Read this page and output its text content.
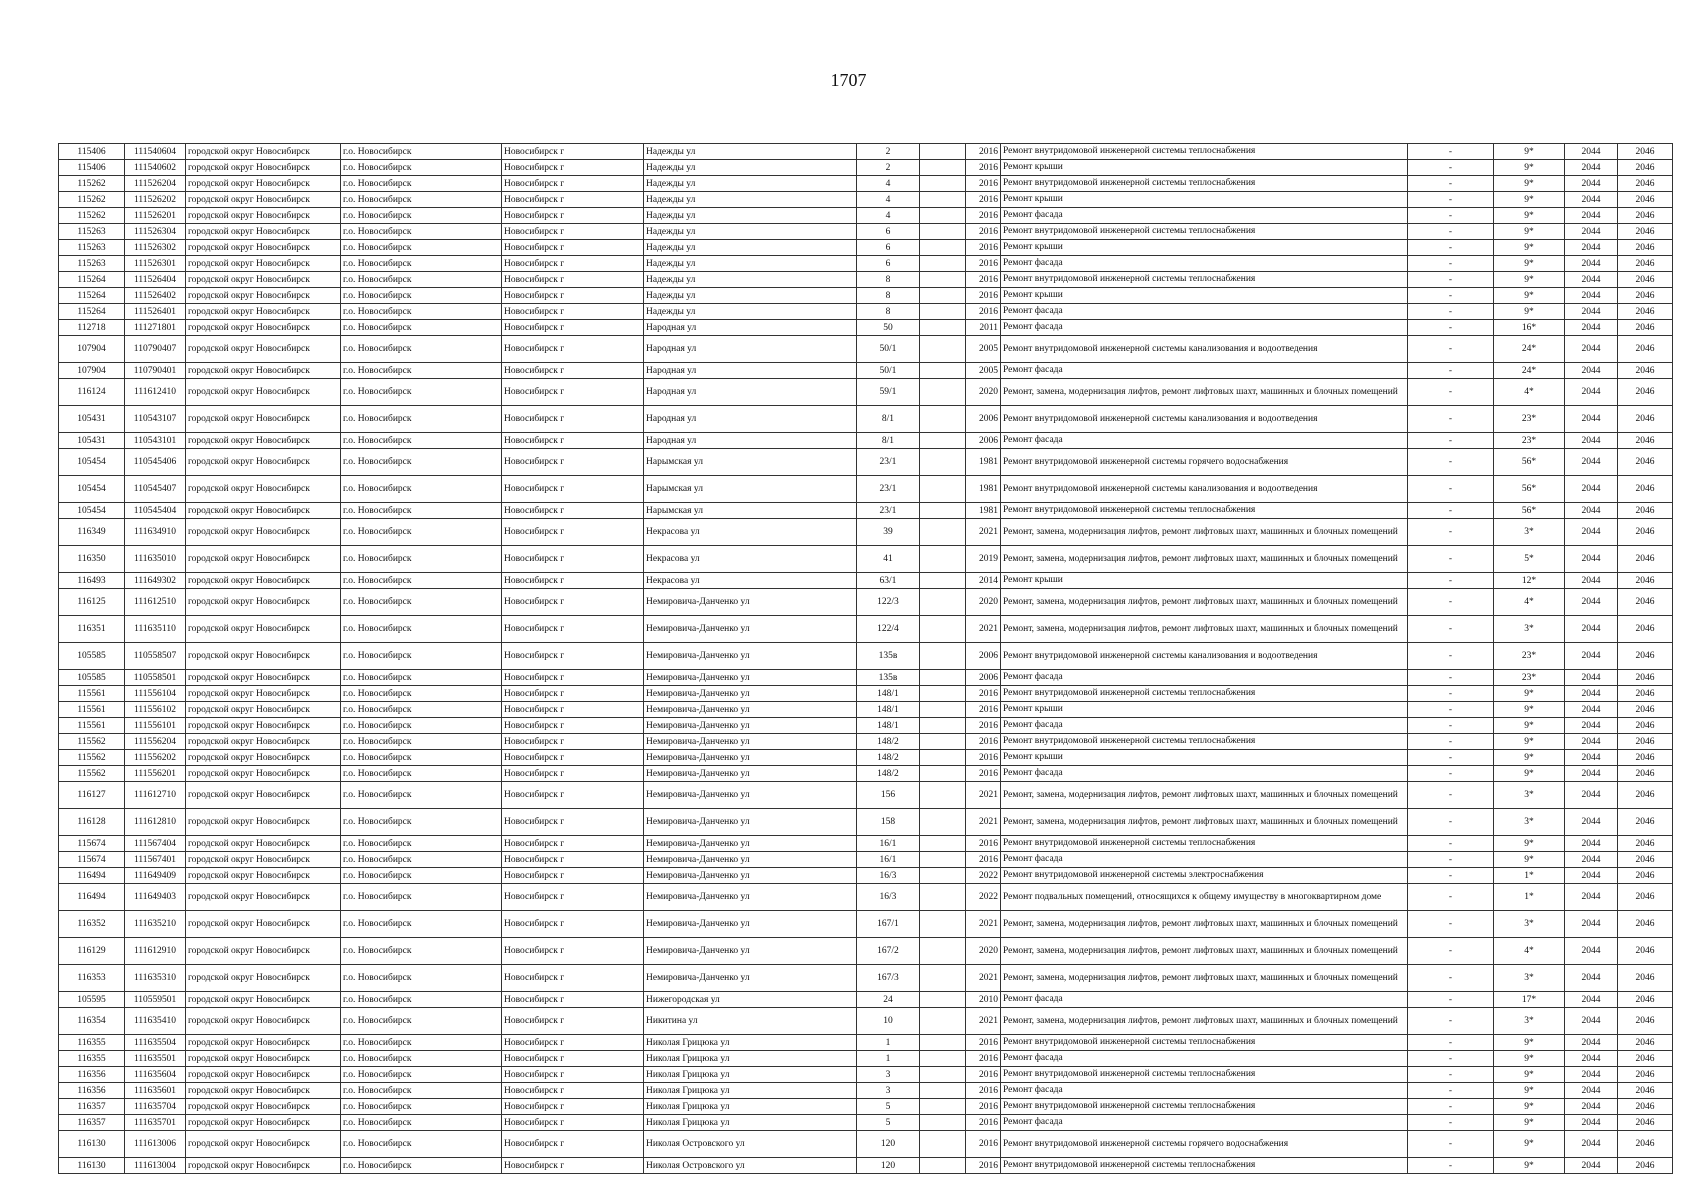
1707
115406	111540604	городской округ Новосибирск	г.о. Новосибирск	Новосибирск г	Надежды ул	2		2016	Ремонт внутридомовой инженерной системы теплоснабжения	-	9*	2044	2046
115406	111540602	городской округ Новосибирск	г.о. Новосибирск	Новосибирск г	Надежды ул	2		2016	Ремонт крыши	-	9*	2044	2046
115262	111526204	городской округ Новосибирск	г.о. Новосибирск	Новосибирск г	Надежды ул	4		2016	Ремонт внутридомовой инженерной системы теплоснабжения	-	9*	2044	2046
115262	111526202	городской округ Новосибирск	г.о. Новосибирск	Новосибирск г	Надежды ул	4		2016	Ремонт крыши	-	9*	2044	2046
115262	111526201	городской округ Новосибирск	г.о. Новосибирск	Новосибирск г	Надежды ул	4		2016	Ремонт фасада	-	9*	2044	2046
115263	111526304	городской округ Новосибирск	г.о. Новосибирск	Новосибирск г	Надежды ул	6		2016	Ремонт внутридомовой инженерной системы теплоснабжения	-	9*	2044	2046
115263	111526302	городской округ Новосибирск	г.о. Новосибирск	Новосибирск г	Надежды ул	6		2016	Ремонт крыши	-	9*	2044	2046
115263	111526301	городской округ Новосибирск	г.о. Новосибирск	Новосибирск г	Надежды ул	6		2016	Ремонт фасада	-	9*	2044	2046
115264	111526404	городской округ Новосибирск	г.о. Новосибирск	Новосибирск г	Надежды ул	8		2016	Ремонт внутридомовой инженерной системы теплоснабжения	-	9*	2044	2046
115264	111526402	городской округ Новосибирск	г.о. Новосибирск	Новосибирск г	Надежды ул	8		2016	Ремонт крыши	-	9*	2044	2046
115264	111526401	городской округ Новосибирск	г.о. Новосибирск	Новосибирск г	Надежды ул	8		2016	Ремонт фасада	-	9*	2044	2046
112718	111271801	городской округ Новосибирск	г.о. Новосибирск	Новосибирск г	Народная ул	50		2011	Ремонт фасада	-	16*	2044	2046
107904	110790407	городской округ Новосибирск	г.о. Новосибирск	Новосибирск г	Народная ул	50/1		2005	Ремонт внутридомовой инженерной системы канализования и водоотведения	-	24*	2044	2046
107904	110790401	городской округ Новосибирск	г.о. Новосибирск	Новосибирск г	Народная ул	50/1		2005	Ремонт фасада	-	24*	2044	2046
116124	111612410	городской округ Новосибирск	г.о. Новосибирск	Новосибирск г	Народная ул	59/1		2020	Ремонт, замена, модернизация лифтов, ремонт лифтовых шахт, машинных и блочных помещений	-	4*	2044	2046
105431	110543107	городской округ Новосибирск	г.о. Новосибирск	Новосибирск г	Народная ул	8/1		2006	Ремонт внутридомовой инженерной системы канализования и водоотведения	-	23*	2044	2046
105431	110543101	городской округ Новосибирск	г.о. Новосибирск	Новосибирск г	Народная ул	8/1		2006	Ремонт фасада	-	23*	2044	2046
105454	110545406	городской округ Новосибирск	г.о. Новосибирск	Новосибирск г	Нарымская ул	23/1		1981	Ремонт внутридомовой инженерной системы горячего водоснабжения	-	56*	2044	2046
105454	110545407	городской округ Новосибирск	г.о. Новосибирск	Новосибирск г	Нарымская ул	23/1		1981	Ремонт внутридомовой инженерной системы канализования и водоотведения	-	56*	2044	2046
105454	110545404	городской округ Новосибирск	г.о. Новосибирск	Новосибирск г	Нарымская ул	23/1		1981	Ремонт внутридомовой инженерной системы теплоснабжения	-	56*	2044	2046
116349	111634910	городской округ Новосибирск	г.о. Новосибирск	Новосибирск г	Некрасова ул	39		2021	Ремонт, замена, модернизация лифтов, ремонт лифтовых шахт, машинных и блочных помещений	-	3*	2044	2046
116350	111635010	городской округ Новосибирск	г.о. Новосибирск	Новосибирск г	Некрасова ул	41		2019	Ремонт, замена, модернизация лифтов, ремонт лифтовых шахт, машинных и блочных помещений	-	5*	2044	2046
116493	111649302	городской округ Новосибирск	г.о. Новосибирск	Новосибирск г	Некрасова ул	63/1		2014	Ремонт крыши	-	12*	2044	2046
116125	111612510	городской округ Новосибирск	г.о. Новосибирск	Новосибирск г	Немировича-Данченко ул	122/3		2020	Ремонт, замена, модернизация лифтов, ремонт лифтовых шахт, машинных и блочных помещений	-	4*	2044	2046
116351	111635110	городской округ Новосибирск	г.о. Новосибирск	Новосибирск г	Немировича-Данченко ул	122/4		2021	Ремонт, замена, модернизация лифтов, ремонт лифтовых шахт, машинных и блочных помещений	-	3*	2044	2046
105585	110558507	городской округ Новосибирск	г.о. Новосибирск	Новосибирск г	Немировича-Данченко ул	135в		2006	Ремонт внутридомовой инженерной системы канализования и водоотведения	-	23*	2044	2046
105585	110558501	городской округ Новосибирск	г.о. Новосибирск	Новосибирск г	Немировича-Данченко ул	135в		2006	Ремонт фасада	-	23*	2044	2046
115561	111556104	городской округ Новосибирск	г.о. Новосибирск	Новосибирск г	Немировича-Данченко ул	148/1		2016	Ремонт внутридомовой инженерной системы теплоснабжения	-	9*	2044	2046
115561	111556102	городской округ Новосибирск	г.о. Новосибирск	Новосибирск г	Немировича-Данченко ул	148/1		2016	Ремонт крыши	-	9*	2044	2046
115561	111556101	городской округ Новосибирск	г.о. Новосибирск	Новосибирск г	Немировича-Данченко ул	148/1		2016	Ремонт фасада	-	9*	2044	2046
115562	111556204	городской округ Новосибирск	г.о. Новосибирск	Новосибирск г	Немировича-Данченко ул	148/2		2016	Ремонт внутридомовой инженерной системы теплоснабжения	-	9*	2044	2046
115562	111556202	городской округ Новосибирск	г.о. Новосибирск	Новосибирск г	Немировича-Данченко ул	148/2		2016	Ремонт крыши	-	9*	2044	2046
115562	111556201	городской округ Новосибирск	г.о. Новосибирск	Новосибирск г	Немировича-Данченко ул	148/2		2016	Ремонт фасада	-	9*	2044	2046
116127	111612710	городской округ Новосибирск	г.о. Новосибирск	Новосибирск г	Немировича-Данченко ул	156		2021	Ремонт, замена, модернизация лифтов, ремонт лифтовых шахт, машинных и блочных помещений	-	3*	2044	2046
116128	111612810	городской округ Новосибирск	г.о. Новосибирск	Новосибирск г	Немировича-Данченко ул	158		2021	Ремонт, замена, модернизация лифтов, ремонт лифтовых шахт, машинных и блочных помещений	-	3*	2044	2046
115674	111567404	городской округ Новосибирск	г.о. Новосибирск	Новосибирск г	Немировича-Данченко ул	16/1		2016	Ремонт внутридомовой инженерной системы теплоснабжения	-	9*	2044	2046
115674	111567401	городской округ Новосибирск	г.о. Новосибирск	Новосибирск г	Немировича-Данченко ул	16/1		2016	Ремонт фасада	-	9*	2044	2046
116494	111649409	городской округ Новосибирск	г.о. Новосибирск	Новосибирск г	Немировича-Данченко ул	16/3		2022	Ремонт внутридомовой инженерной системы электроснабжения	-	1*	2044	2046
116494	111649403	городской округ Новосибирск	г.о. Новосибирск	Новосибирск г	Немировича-Данченко ул	16/3		2022	Ремонт подвальных помещений, относящихся к общему имуществу в многоквартирном доме	-	1*	2044	2046
116352	111635210	городской округ Новосибирск	г.о. Новосибирск	Новосибирск г	Немировича-Данченко ул	167/1		2021	Ремонт, замена, модернизация лифтов, ремонт лифтовых шахт, машинных и блочных помещений	-	3*	2044	2046
116129	111612910	городской округ Новосибирск	г.о. Новосибирск	Новосибирск г	Немировича-Данченко ул	167/2		2020	Ремонт, замена, модернизация лифтов, ремонт лифтовых шахт, машинных и блочных помещений	-	4*	2044	2046
116353	111635310	городской округ Новосибирск	г.о. Новосибирск	Новосибирск г	Немировича-Данченко ул	167/3		2021	Ремонт, замена, модернизация лифтов, ремонт лифтовых шахт, машинных и блочных помещений	-	3*	2044	2046
105595	110559501	городской округ Новосибирск	г.о. Новосибирск	Новосибирск г	Нижегородская ул	24		2010	Ремонт фасада	-	17*	2044	2046
116354	111635410	городской округ Новосибирск	г.о. Новосибирск	Новосибирск г	Никитина ул	10		2021	Ремонт, замена, модернизация лифтов, ремонт лифтовых шахт, машинных и блочных помещений	-	3*	2044	2046
116355	111635504	городской округ Новосибирск	г.о. Новосибирск	Новосибирск г	Николая Грицюка ул	1		2016	Ремонт внутридомовой инженерной системы теплоснабжения	-	9*	2044	2046
116355	111635501	городской округ Новосибирск	г.о. Новосибирск	Новосибирск г	Николая Грицюка ул	1		2016	Ремонт фасада	-	9*	2044	2046
116356	111635604	городской округ Новосибирск	г.о. Новосибирск	Новосибирск г	Николая Грицюка ул	3		2016	Ремонт внутридомовой инженерной системы теплоснабжения	-	9*	2044	2046
116356	111635601	городской округ Новосибирск	г.о. Новосибирск	Новосибирск г	Николая Грицюка ул	3		2016	Ремонт фасада	-	9*	2044	2046
116357	111635704	городской округ Новосибирск	г.о. Новосибирск	Новосибирск г	Николая Грицюка ул	5		2016	Ремонт внутридомовой инженерной системы теплоснабжения	-	9*	2044	2046
116357	111635701	городской округ Новосибирск	г.о. Новосибирск	Новосибирск г	Николая Грицюка ул	5		2016	Ремонт фасада	-	9*	2044	2046
116130	111613006	городской округ Новосибирск	г.о. Новосибирск	Новосибирск г	Николая Островского ул	120		2016	Ремонт внутридомовой инженерной системы горячего водоснабжения	-	9*	2044	2046
116130	111613004	городской округ Новосибирск	г.о. Новосибирск	Новосибирск г	Николая Островского ул	120		2016	Ремонт внутридомовой инженерной системы теплоснабжения	-	9*	2044	2046
